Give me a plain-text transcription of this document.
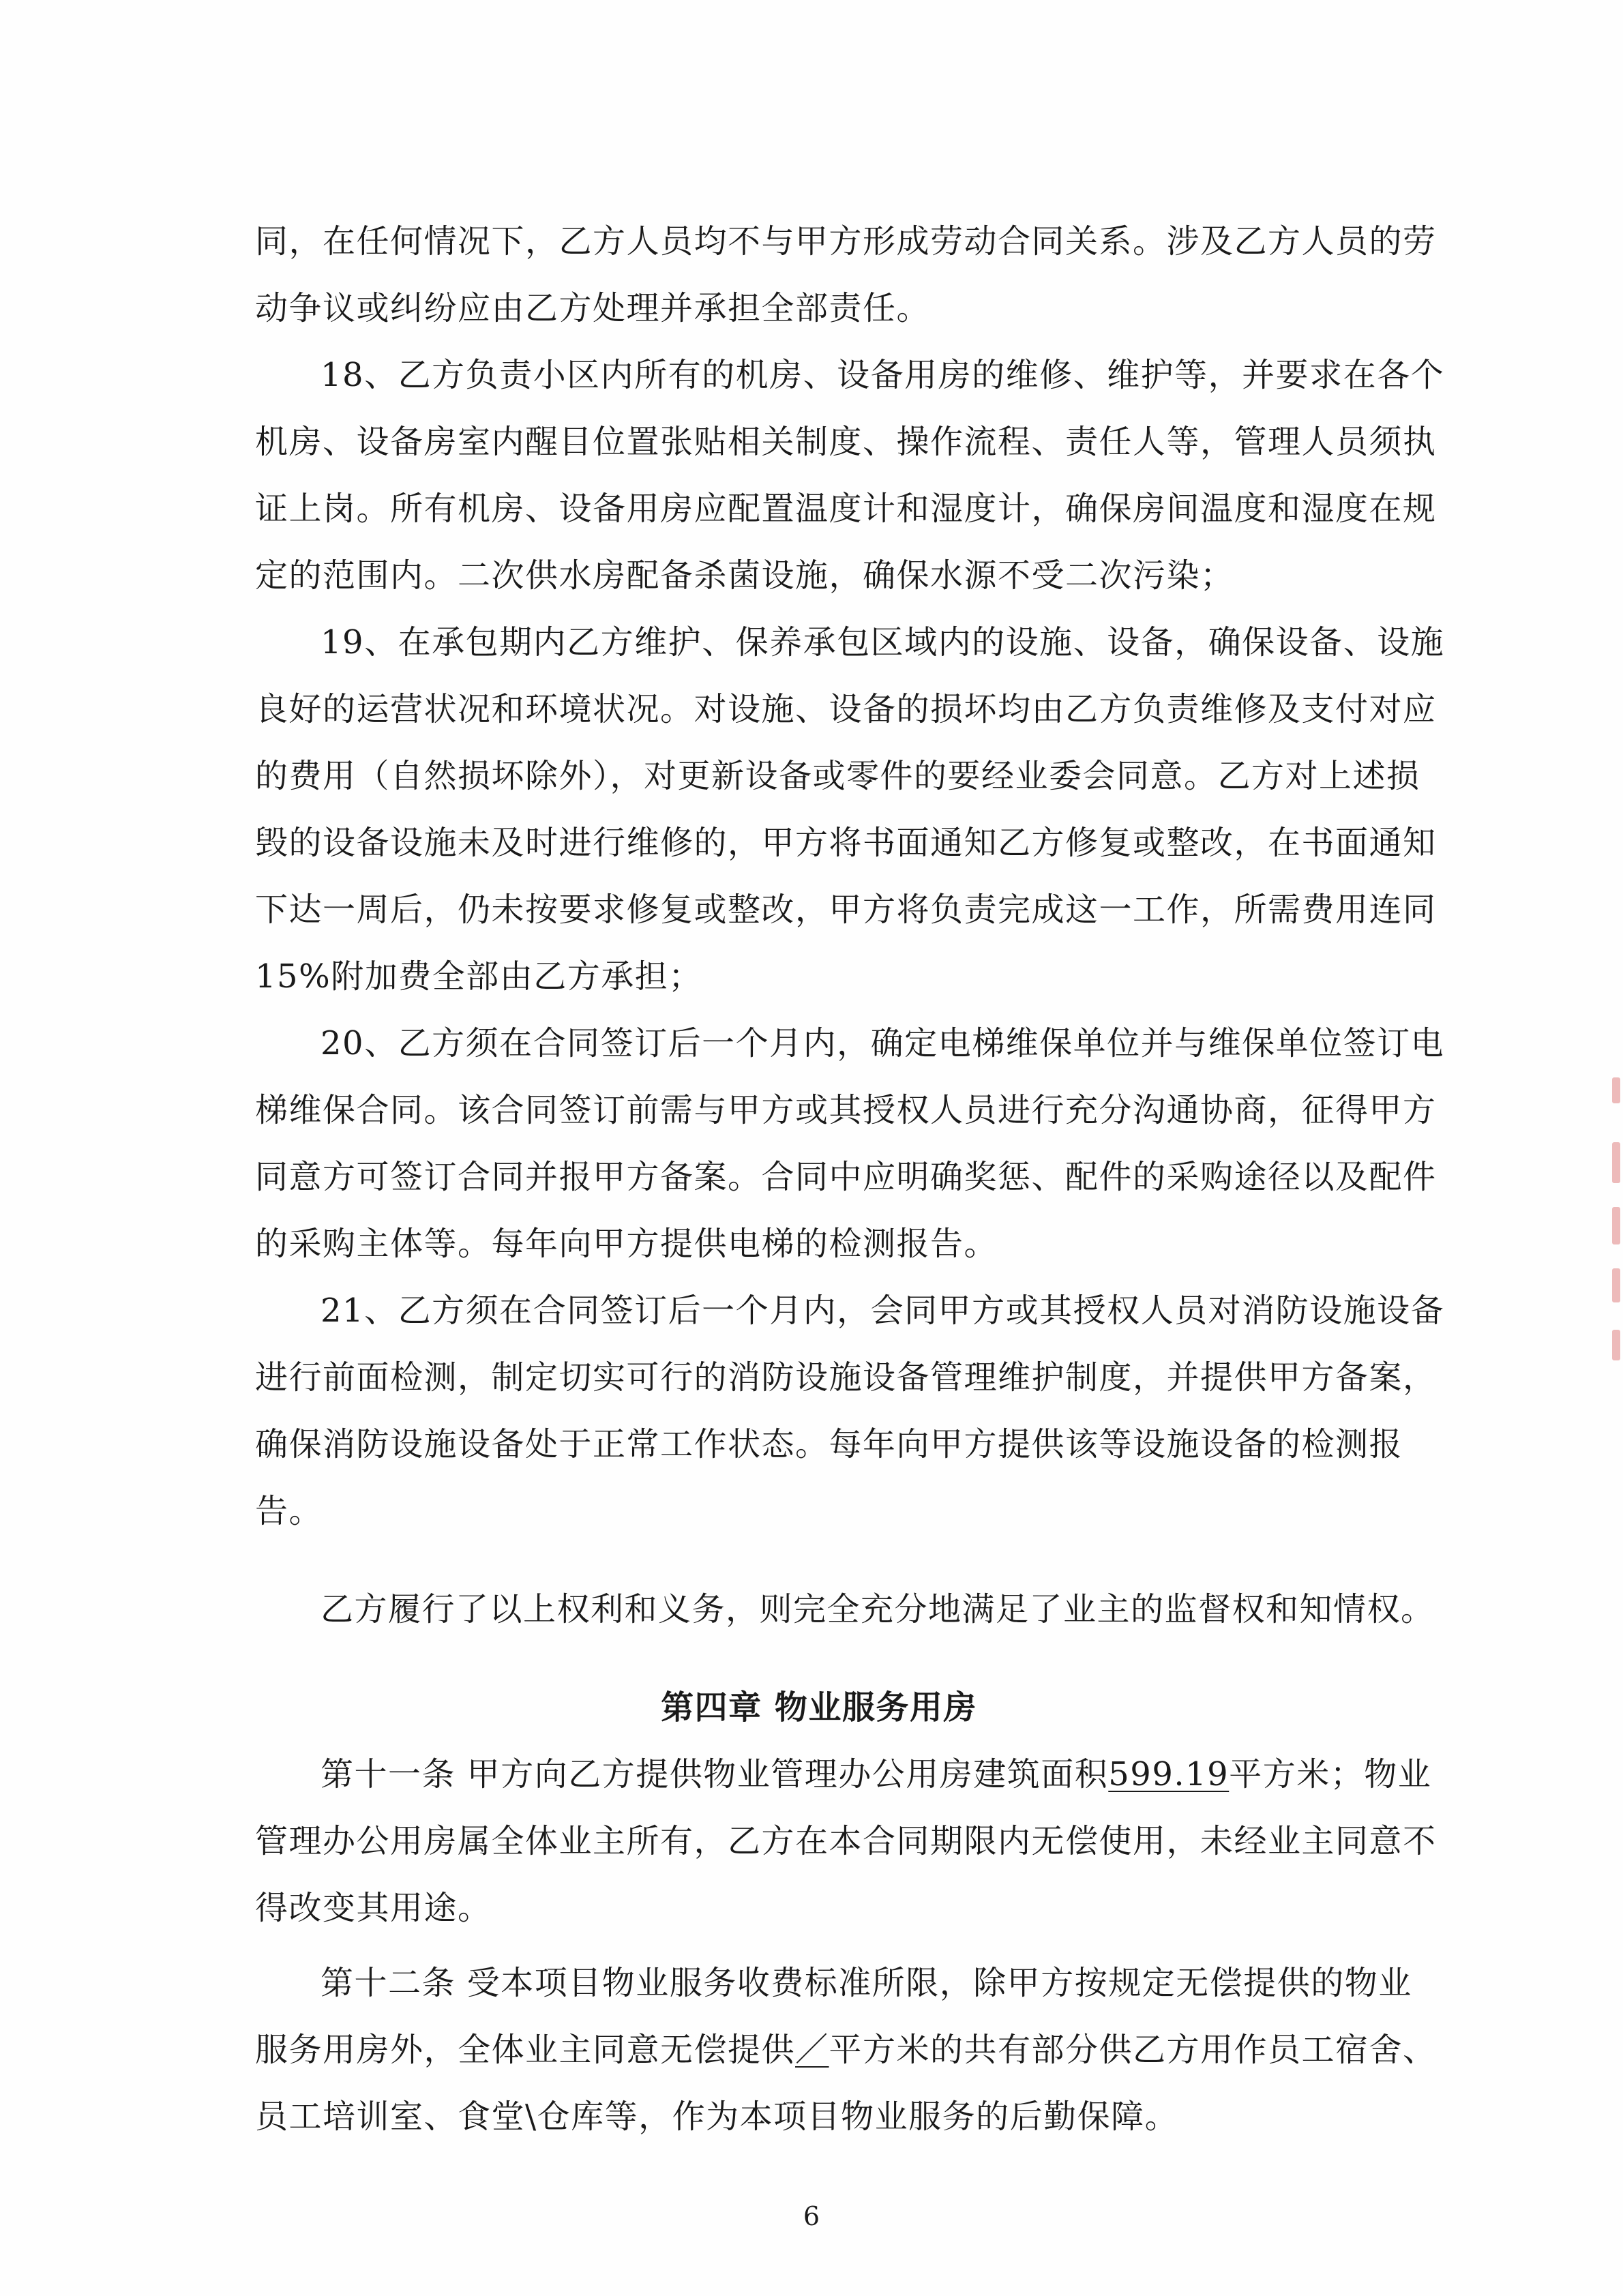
同，在任何情况下，乙方人员均不与甲方形成劳动合同关系。涉及乙方人员的劳
动争议或纠纷应由乙方处理并承担全部责任。
18、乙方负责小区内所有的机房、设备用房的维修、维护等，并要求在各个
机房、设备房室内醒目位置张贴相关制度、操作流程、责任人等，管理人员须执
证上岗。所有机房、设备用房应配置温度计和湿度计，确保房间温度和湿度在规
定的范围内。二次供水房配备杀菌设施，确保水源不受二次污染；
19、在承包期内乙方维护、保养承包区域内的设施、设备，确保设备、设施
良好的运营状况和环境状况。对设施、设备的损坏均由乙方负责维修及支付对应
的费用（自然损坏除外），对更新设备或零件的要经业委会同意。乙方对上述损
毁的设备设施未及时进行维修的，甲方将书面通知乙方修复或整改，在书面通知
下达一周后，仍未按要求修复或整改，甲方将负责完成这一工作，所需费用连同
15%附加费全部由乙方承担；
20、乙方须在合同签订后一个月内，确定电梯维保单位并与维保单位签订电
梯维保合同。该合同签订前需与甲方或其授权人员进行充分沟通协商，征得甲方
同意方可签订合同并报甲方备案。合同中应明确奖惩、配件的采购途径以及配件
的采购主体等。每年向甲方提供电梯的检测报告。
21、乙方须在合同签订后一个月内，会同甲方或其授权人员对消防设施设备
进行前面检测，制定切实可行的消防设施设备管理维护制度，并提供甲方备案，
确保消防设施设备处于正常工作状态。每年向甲方提供该等设施设备的检测报
告。
乙方履行了以上权利和义务，则完全充分地满足了业主的监督权和知情权。
第四章 物业服务用房
第十一条 甲方向乙方提供物业管理办公用房建筑面积599.19平方米；物业
管理办公用房属全体业主所有，乙方在本合同期限内无偿使用，未经业主同意不
得改变其用途。
第十二条 受本项目物业服务收费标准所限，除甲方按规定无偿提供的物业
服务用房外，全体业主同意无偿提供／平方米的共有部分供乙方用作员工宿舍、
员工培训室、食堂\仓库等，作为本项目物业服务的后勤保障。
6
